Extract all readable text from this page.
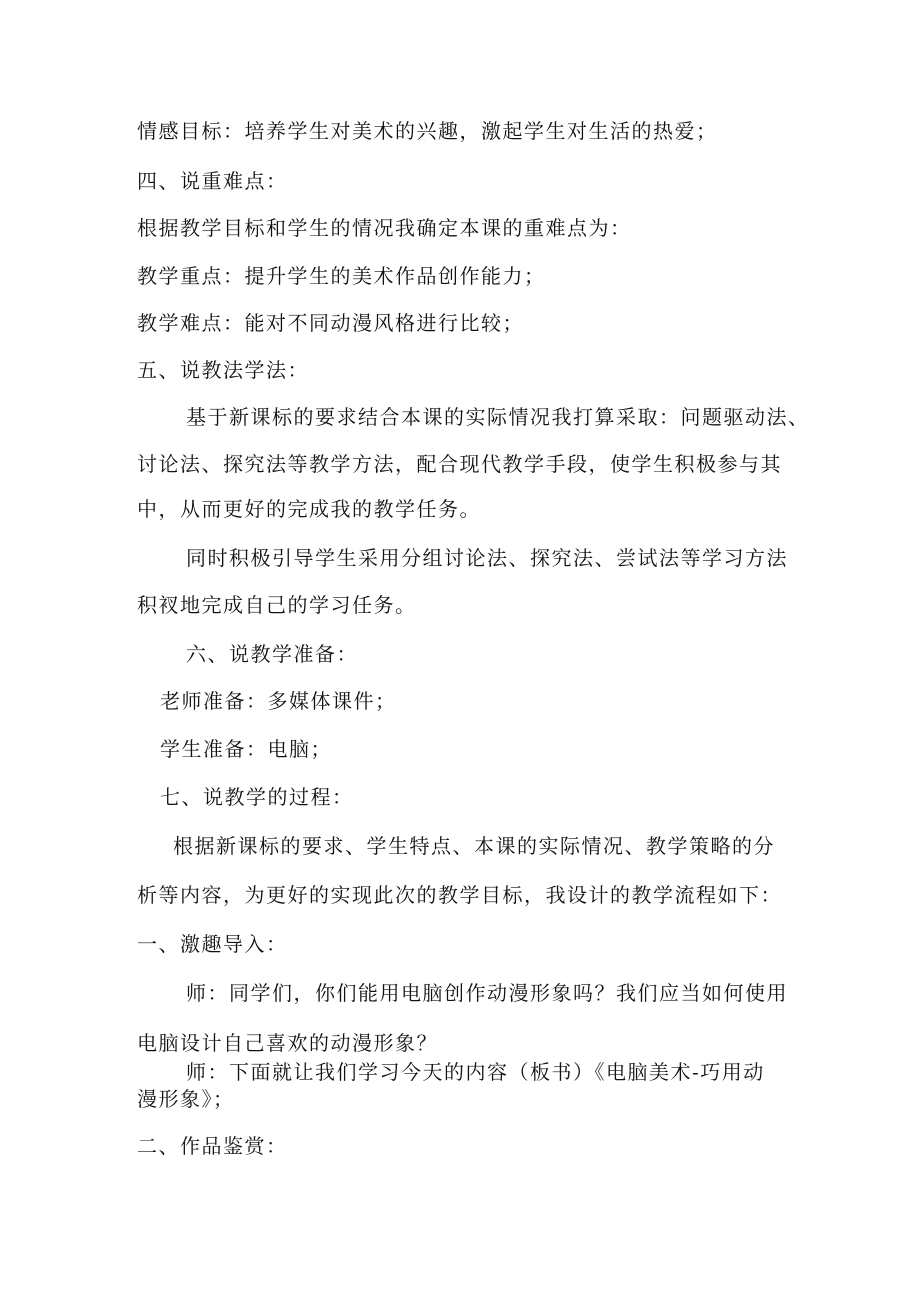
情感目标：培养学生对美术的兴趣，激起学生对生活的热爱；
四、说重难点：
根据教学目标和学生的情况我确定本课的重难点为：
教学重点：提升学生的美术作品创作能力；
教学难点：能对不同动漫风格进行比较；
五、说教法学法：
基于新课标的要求结合本课的实际情况我打算采取：问题驱动法、
讨论法、探究法等教学方法，配合现代教学手段，使学生积极参与其
中，从而更好的完成我的教学任务。
同时积极引导学生采用分组讨论法、探究法、尝试法等学习方法
积衩地完成自己的学习任务。
六、说教学准备：
老师准备：多媒体课件；
学生准备：电脑；
七、说教学的过程：
根据新课标的要求、学生特点、本课的实际情况、教学策略的分
析等内容，为更好的实现此次的教学目标，我设计的教学流程如下：
一、激趣导入：
师：同学们，你们能用电脑创作动漫形象吗？我们应当如何使用
电脑设计自己喜欢的动漫形象？
师：下面就让我们学习今天的内容（板书）《电脑美术-巧用动
漫形象》；
二、作品鉴赏：
